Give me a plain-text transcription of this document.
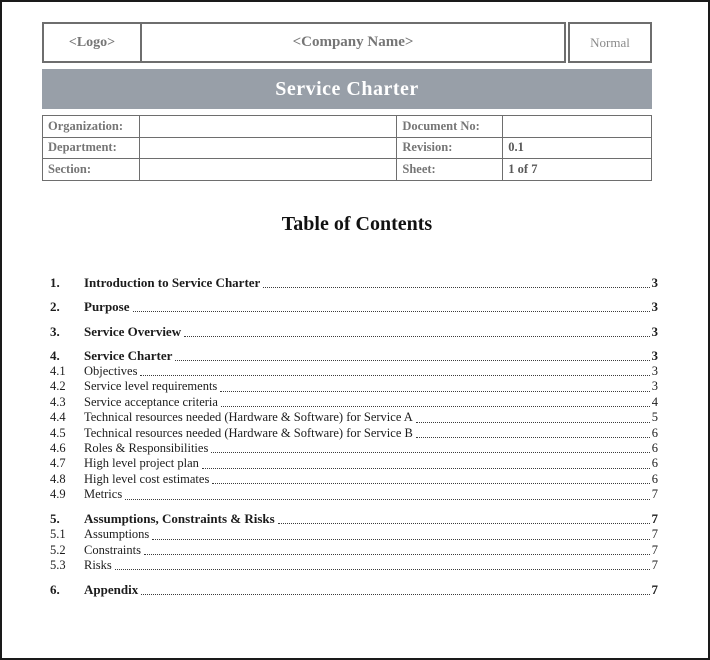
<Logo>	<Company Name>	Normal
Service Charter
Organization:		Document No:	
Department:		Revision:	0.1
Section:		Sheet:	1 of 7
Table of Contents
1.	Introduction to Service Charter	3
2.	Purpose	3
3.	Service Overview	3
4.	Service Charter	3
4.1	Objectives	3
4.2	Service level requirements	3
4.3	Service acceptance criteria	4
4.4	Technical resources needed (Hardware & Software) for Service A	5
4.5	Technical resources needed (Hardware & Software) for Service B	6
4.6	Roles & Responsibilities	6
4.7	High level project plan	6
4.8	High level cost estimates	6
4.9	Metrics	7
5.	Assumptions, Constraints & Risks	7
5.1	Assumptions	7
5.2	Constraints	7
5.3	Risks	7
6.	Appendix	7
